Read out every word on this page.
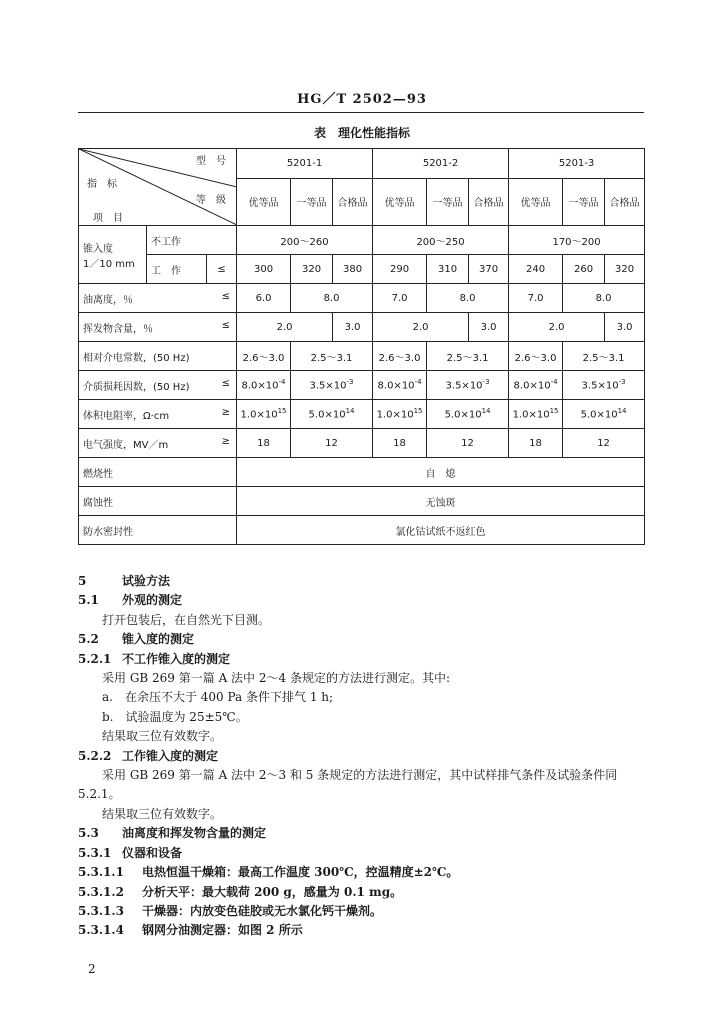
HG／T 2502—93
表　理化性能指标
型　号
指　标
等　级
项　目			5201-1			5201-2			5201-3		
			优等品	一等品	合格品	优等品	一等品	合格品	优等品	一等品	合格品

锥入度
1／10 mm	不工作		200～260			200～250			170～200		
	工　作	≤	300	320	380	290	310	370	240	260	320
油离度，％ ≤			6.0	8.0		7.0	8.0		7.0	8.0	
挥发物含量，％ ≤			2.0		3.0	2.0		3.0	2.0		3.0
相对介电常数，(50 Hz)			2.6～3.0	2.5～3.1		2.6～3.0	2.5～3.1		2.6～3.0	2.5～3.1	
介质损耗因数，(50 Hz) ≤			$8.0\times 10^{-4}$	$3.5\times 10^{-3}$		$8.0\times 10^{-4}$	$3.5\times 10^{-3}$		$8.0\times 10^{-4}$	$3.5\times 10^{-3}$
体积电阻率，Ω·cm ≥			$1.0\times 10^{15}$	$5.0\times 10^{14}$		$1.0\times 10^{15}$	$5.0\times 10^{14}$		$1.0\times 10^{15}$	$5.0\times 10^{14}$
电气强度，MV／m ≥			18	12		18	12		18	12	
燃烧性			自　熄								
腐蚀性			无蚀斑								
防水密封性			氯化钴试纸不返红色								
5	试验方法
5.1 外观的测定
打开包装后，在自然光下目测。
5.2 锥入度的测定
5.2.1 不工作锥入度的测定
采用 GB 269 第一篇 A 法中 2～4 条规定的方法进行测定。其中:
a.　在余压不大于 400 Pa 条件下排气 1 h;
b.　试验温度为 25±5℃。
结果取三位有效数字。
5.2.2 工作锥入度的测定
采用 GB 269 第一篇 A 法中 2～3 和 5 条规定的方法进行测定，其中试样排气条件及试验条件同
5.2.1。
结果取三位有效数字。
5.3 油离度和挥发物含量的测定
5.3.1 仪器和设备
5.3.1.1 电热恒温干燥箱：最高工作温度 300℃，控温精度±2℃。
5.3.1.2 分析天平：最大载荷 200 g，感量为 0.1 mg。
5.3.1.3 干燥器：内放变色硅胶或无水氯化钙干燥剂。
5.3.1.4 钢网分油测定器：如图 2 所示
2
